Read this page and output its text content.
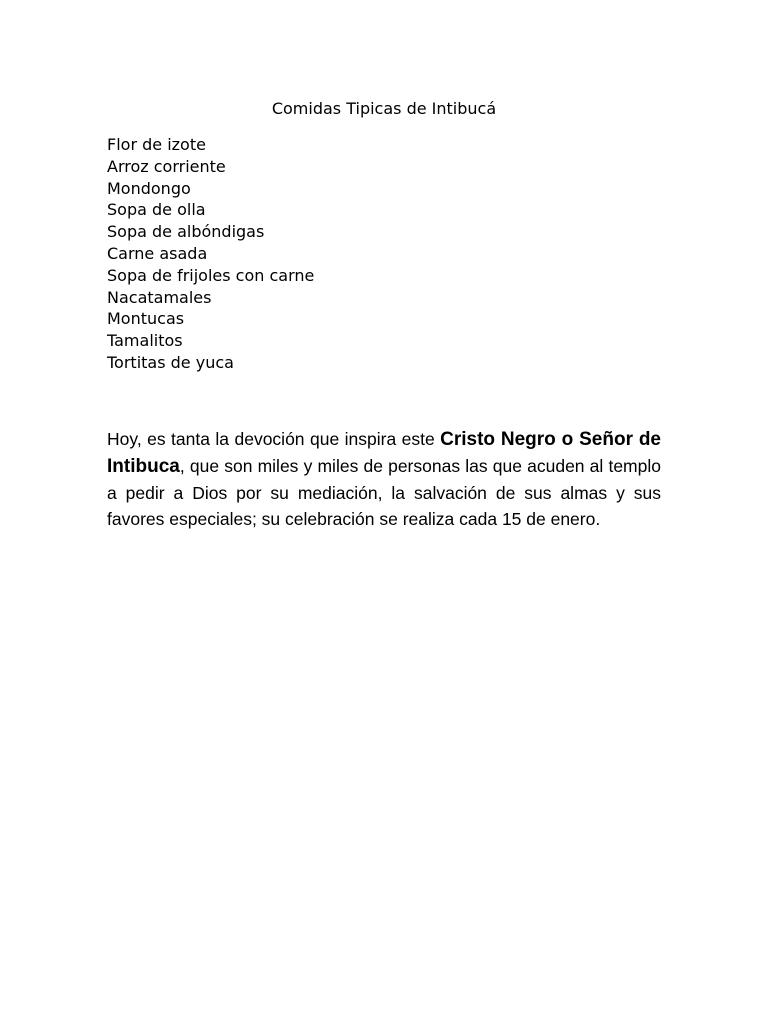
Comidas Tipicas de Intibucá
Flor de izote
Arroz corriente
Mondongo
Sopa de olla
Sopa de albóndigas
Carne asada
Sopa de frijoles con carne
Nacatamales
Montucas
Tamalitos
Tortitas de yuca

Hoy, es tanta la devoción que inspira este Cristo Negro o Señor de Intibuca, que son miles y miles de personas las que acuden al templo a pedir a Dios por su mediación, la salvación de sus almas y sus favores especiales; su celebración se realiza cada 15 de enero.
